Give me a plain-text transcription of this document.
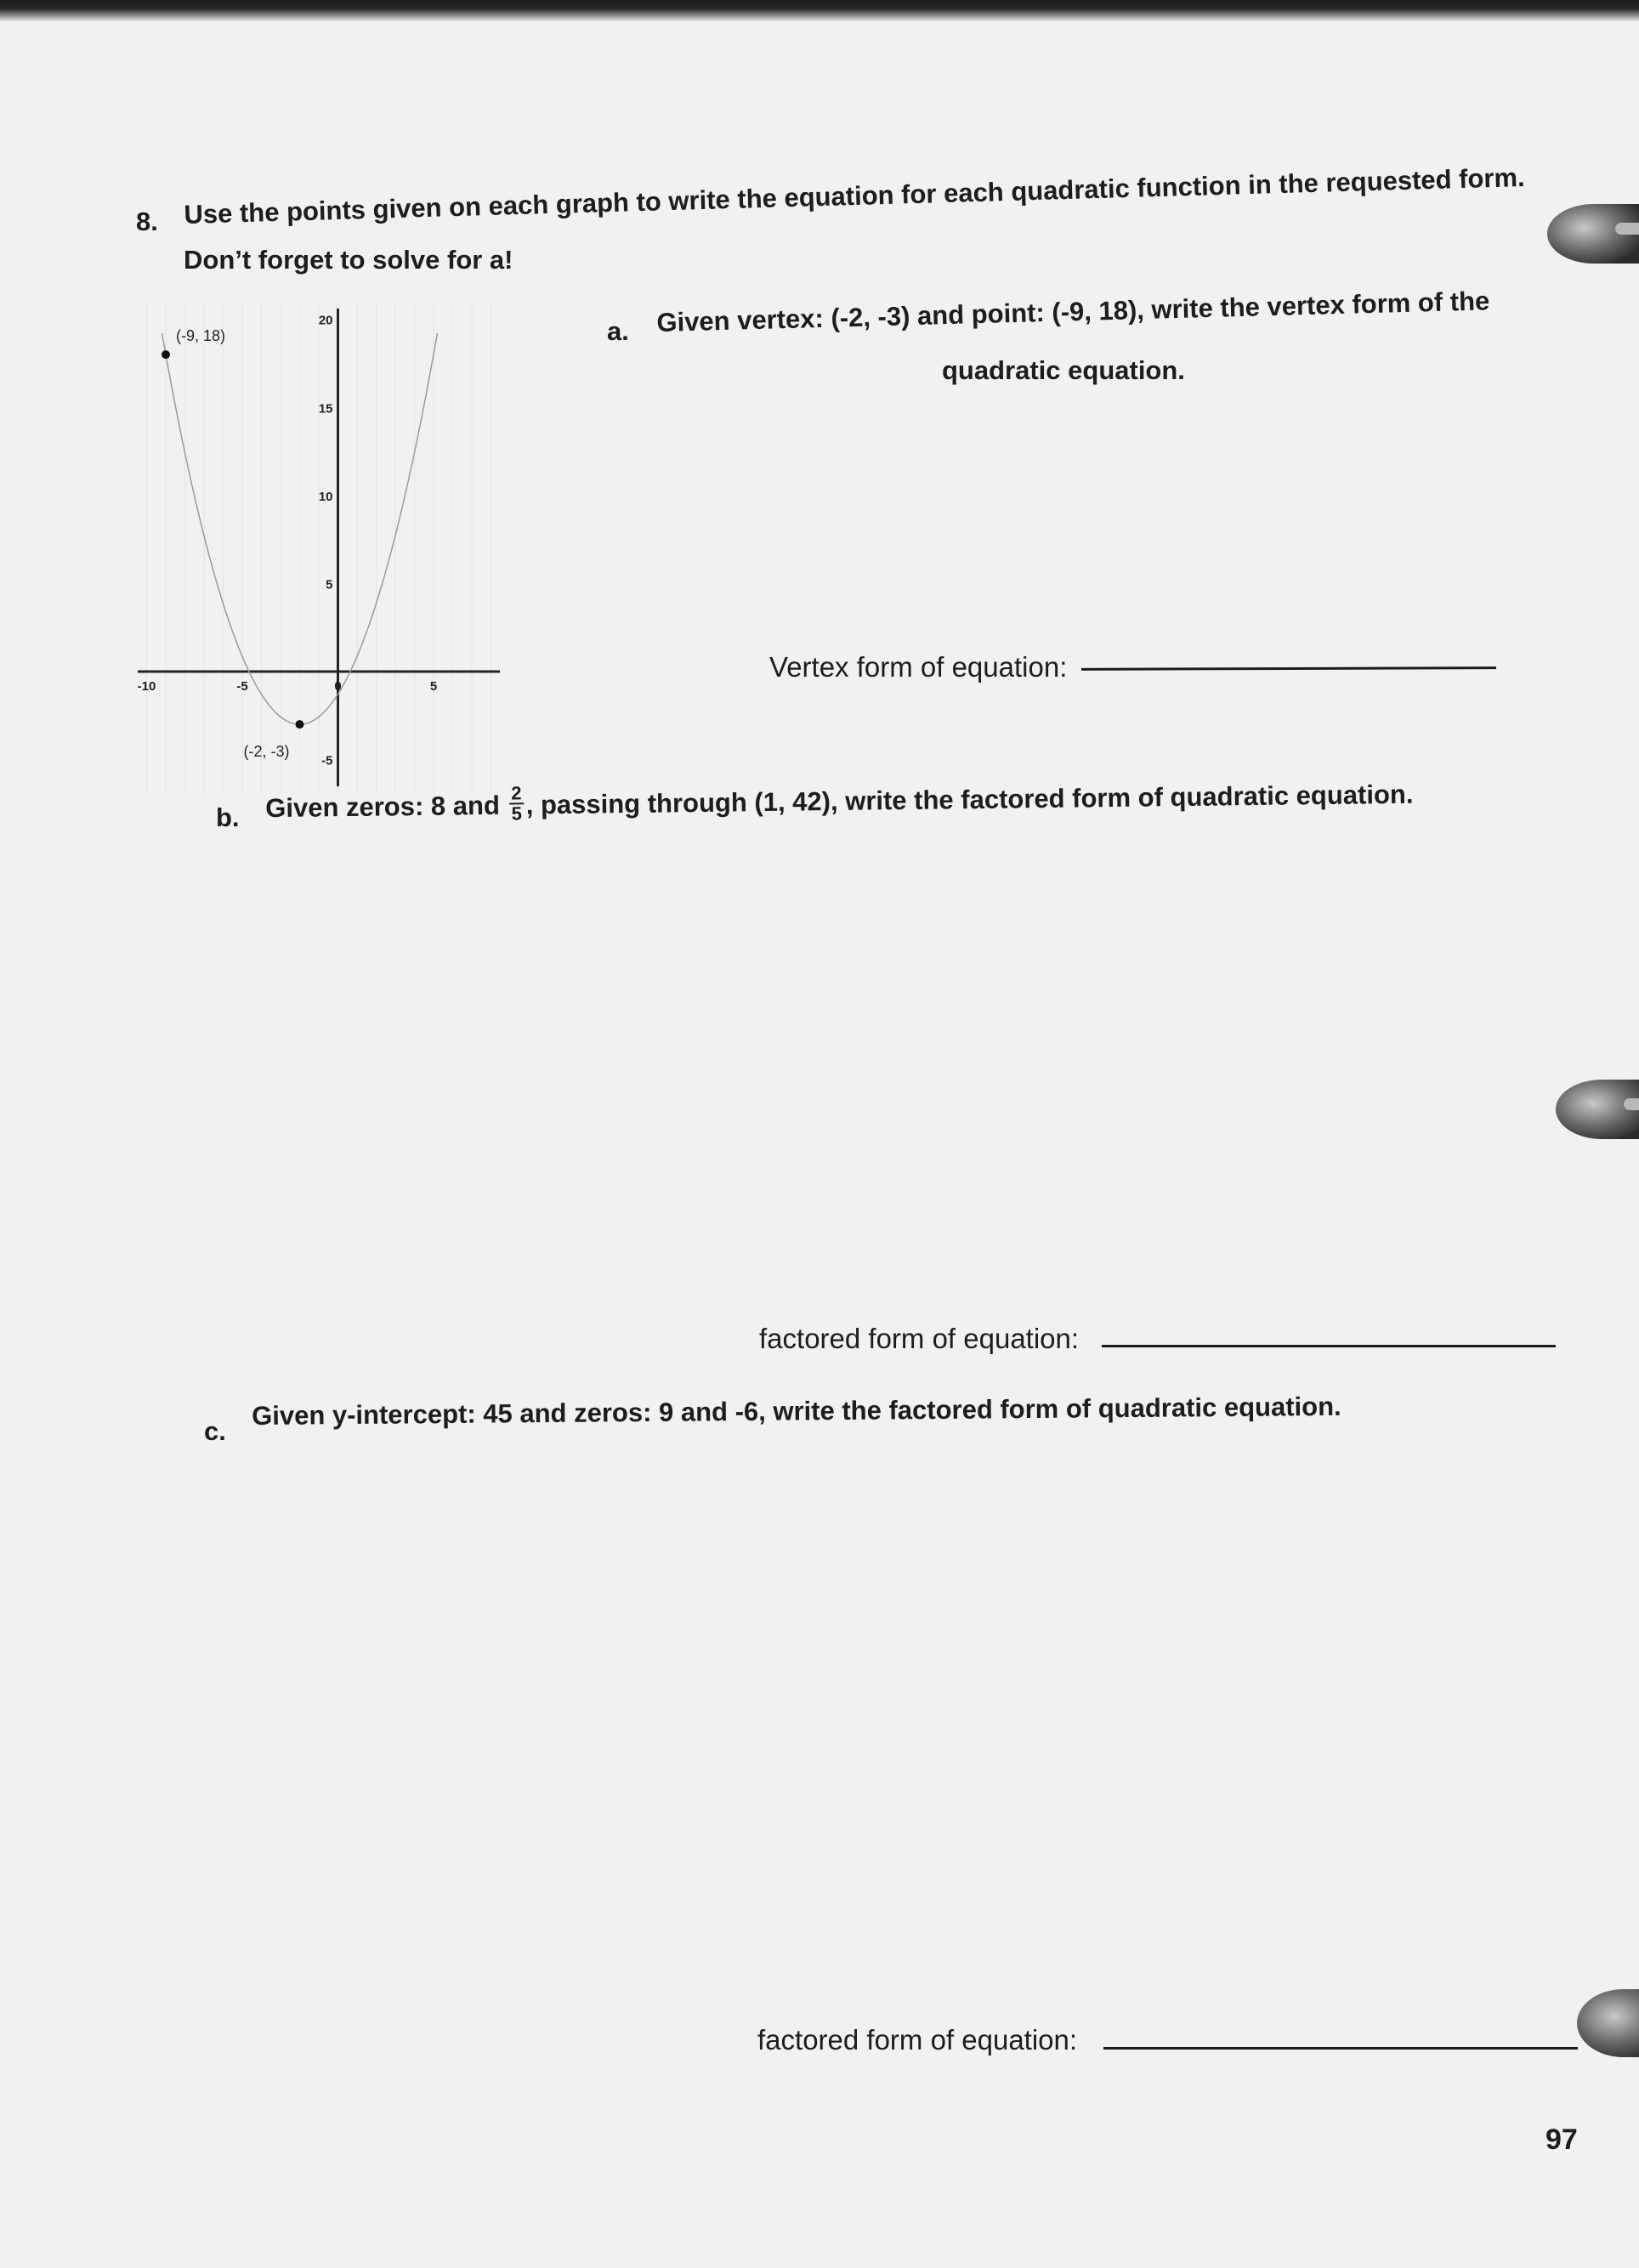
8. Use the points given on each graph to write the equation for each quadratic function in the requested form.
Don’t forget to solve for a!
-10	-5	0	5
20
15
10
5
-5
(-9, 18)
(-2, -3)
a. Given vertex: (-2, -3) and point: (-9, 18), write the vertex form of the
quadratic equation.
Vertex form of equation:
b. Given zeros: 8 and $\frac{2}{5}$ , passing through (1, 42), write the factored form of quadratic equation.
factored form of equation:
c.
Given y-intercept: 45 and zeros: 9 and -6, write the factored form of quadratic equation.
factored form of equation:
97
